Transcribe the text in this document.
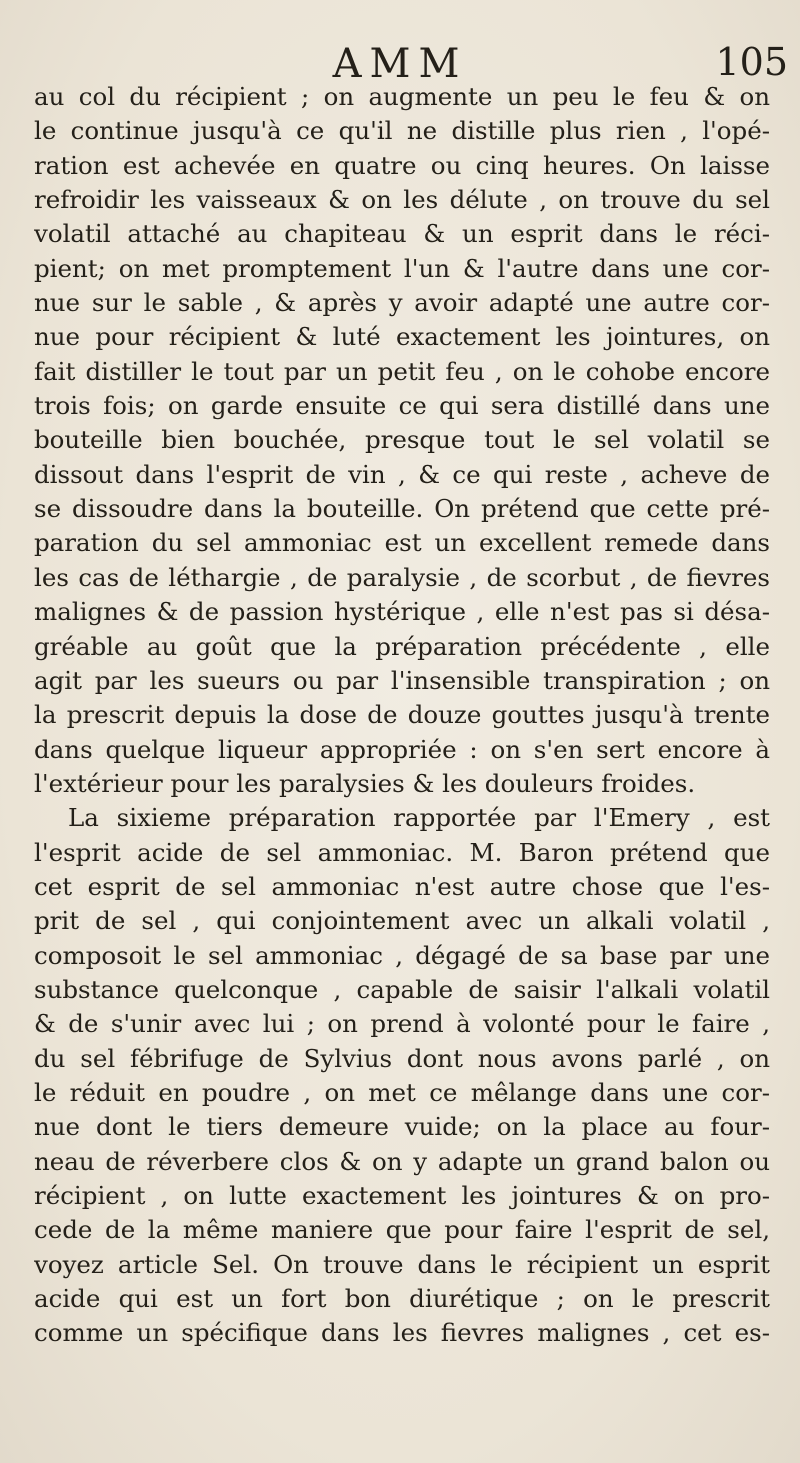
AMM	105
au col du récipient ; on augmente un peu le feu & on
le continue jusqu'à ce qu'il ne distille plus rien , l'opé-
ration est achevée en quatre ou cinq heures. On laisse
refroidir les vaisseaux & on les délute , on trouve du sel
volatil attaché au chapiteau & un esprit dans le réci-
pient; on met promptement l'un & l'autre dans une cor-
nue sur le sable , & après y avoir adapté une autre cor-
nue pour récipient & luté exactement les jointures, on
fait distiller le tout par un petit feu , on le cohobe encore
trois fois; on garde ensuite ce qui sera distillé dans une
bouteille bien bouchée, presque tout le sel volatil se
dissout dans l'esprit de vin , & ce qui reste , acheve de
se dissoudre dans la bouteille. On prétend que cette pré-
paration du sel ammoniac est un excellent remede dans
les cas de léthargie , de paralysie , de scorbut , de fievres
malignes & de passion hystérique , elle n'est pas si désa-
gréable au goût que la préparation précédente , elle
agit par les sueurs ou par l'insensible transpiration ; on
la prescrit depuis la dose de douze gouttes jusqu'à trente
dans quelque liqueur appropriée : on s'en sert encore à
l'extérieur pour les paralysies & les douleurs froides.
La sixieme préparation rapportée par l'Emery , est
l'esprit acide de sel ammoniac. M. Baron prétend que
cet esprit de sel ammoniac n'est autre chose que l'es-
prit de sel , qui conjointement avec un alkali volatil ,
composoit le sel ammoniac , dégagé de sa base par une
substance quelconque , capable de saisir l'alkali volatil
& de s'unir avec lui ; on prend à volonté pour le faire ,
du sel fébrifuge de Sylvius dont nous avons parlé , on
le réduit en poudre , on met ce mêlange dans une cor-
nue dont le tiers demeure vuide; on la place au four-
neau de réverbere clos & on y adapte un grand balon ou
récipient , on lutte exactement les jointures & on pro-
cede de la même maniere que pour faire l'esprit de sel,
voyez article Sel. On trouve dans le récipient un esprit
acide qui est un fort bon diurétique ; on le prescrit
comme un spécifique dans les fievres malignes , cet es-
